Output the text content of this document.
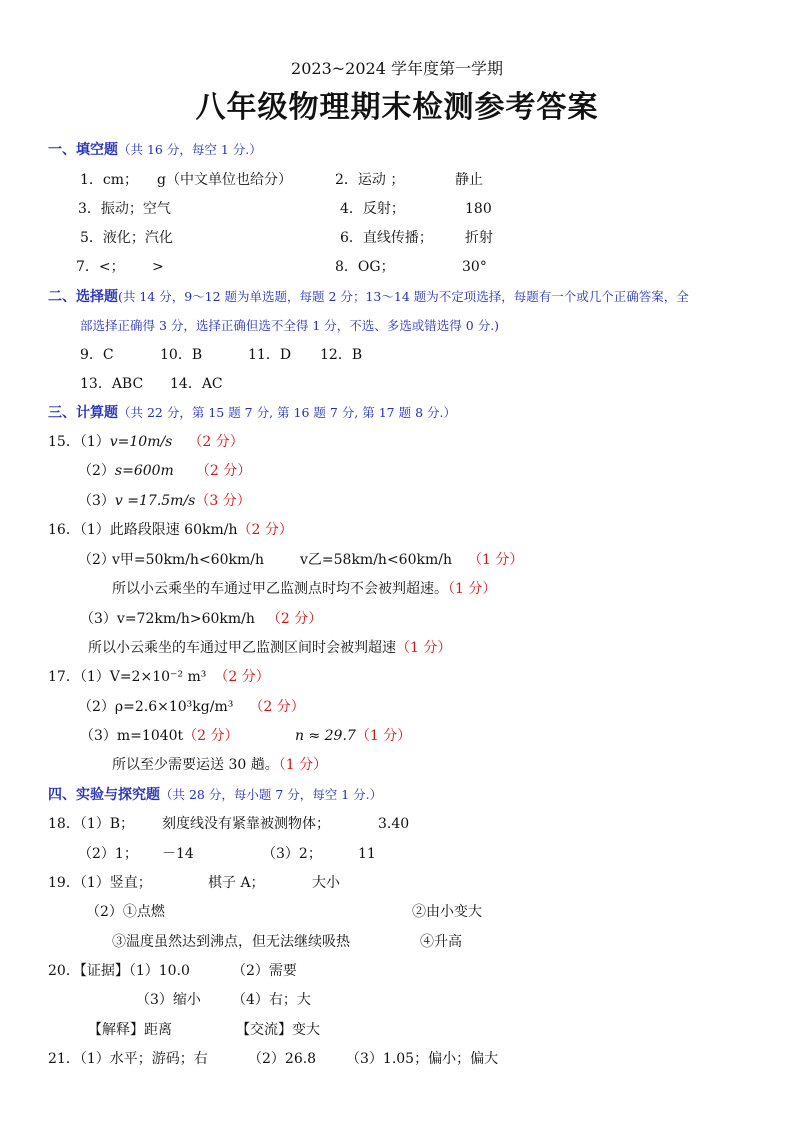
2023~2024 学年度第一学期
八年级物理期末检测参考答案
一、填空题（共 16 分，每空 1 分.）
1．cm； g（中文单位也给分）	2．运动 ；	静止
3．振动；空气	4．反射；	180
5．液化；汽化	6．直线传播； 折射
7．<； >	8．OG；	30°
二、选择题(共 14 分，9～12 题为单选题，每题 2 分；13～14 题为不定项选择，每题有一个或几个正确答案，全
部选择正确得 3 分，选择正确但选不全得 1 分，不选、多选或错选得 0 分.)
9．C	10．B	11．D 12．B
13．ABC 14．AC
三、计算题（共 22 分，第 15 题 7 分, 第 16 题 7 分, 第 17 题 8 分.）
15．（1）v=10m/s （2 分）
（2）s=600m （2 分）
（3）v =17.5m/s（3 分）
16．（1）此路段限速 60km/h（2 分）
（2）
v甲=50km/h<60km/h	v乙=58km/h<60km/h （1 分）
所以小云乘坐的车通过甲乙监测点时均不会被判超速。（1 分）
（3）v=72km/h>60km/h （2 分）
所以小云乘坐的车通过甲乙监测区间时会被判超速（1 分）
17．（1）V=2×10⁻² m³ （2 分）
（2）ρ=2.6×10³kg/m³ （2 分）
（3）m=1040t（2 分）	n ≈ 29.7（1 分）
所以至少需要运送 30 趟。（1 分）
四、实验与探究题（共 28 分，每小题 7 分，每空 1 分.）
18．（1）B； 刻度线没有紧靠被测物体；	3.40
（2）1； －14	（3）2；	11
19．（1）竖直；	棋子 A；	大小
（2）①点燃	②由小变大
③温度虽然达到沸点，但无法继续吸热	④升高
20．【证据】（1）10.0	（2）需要
（3）缩小 （4）右；大
【解释】距离	【交流】变大
21．（1）水平；游码；右	（2）26.8 （3）1.05；偏小；偏大
